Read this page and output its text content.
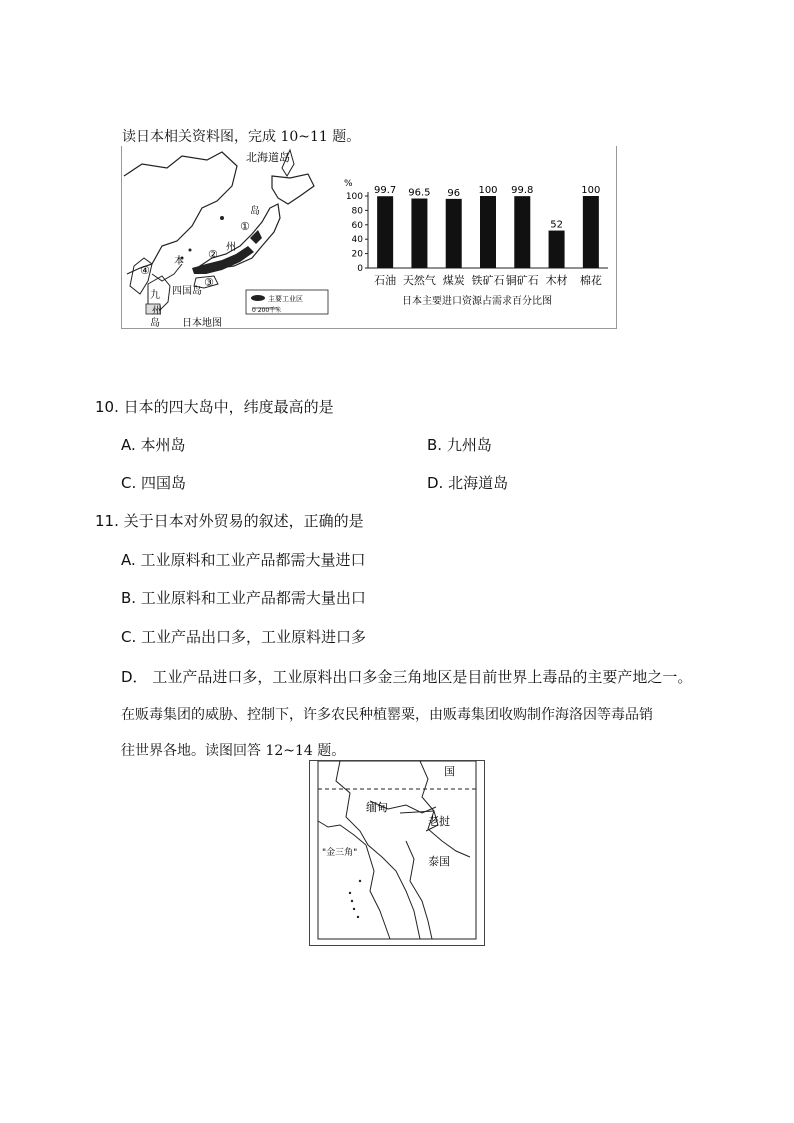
读日本相关资料图，完成 10~11 题。
北海道岛
岛
州
本
九
州
岛
四国岛
①
②
③
④
日本地图
主要工业区
0 200千米
%
0
20
40
60
80
100
99.7
石油
96.5
天然气
96
煤炭
100
铁矿石
99.8
铜矿石
52
木材
100
棉花
日本主要进口资源占需求百分比图
10. 日本的四大岛中，纬度最高的是
A. 本州岛	B. 九州岛
C. 四国岛	D. 北海道岛
11. 关于日本对外贸易的叙述，正确的是
A. 工业原料和工业产品都需大量进口
B. 工业原料和工业产品都需大量出口
C. 工业产品出口多，工业原料进口多
D． 工业产品进口多，工业原料出口多金三角地区是目前世界上毒品的主要产地之一。
在贩毒集团的威胁、控制下，许多农民种植罂粟，由贩毒集团收购制作海洛因等毒品销
往世界各地。读图回答 12~14 题。
国
缅甸
老挝
"金三角"
泰国
